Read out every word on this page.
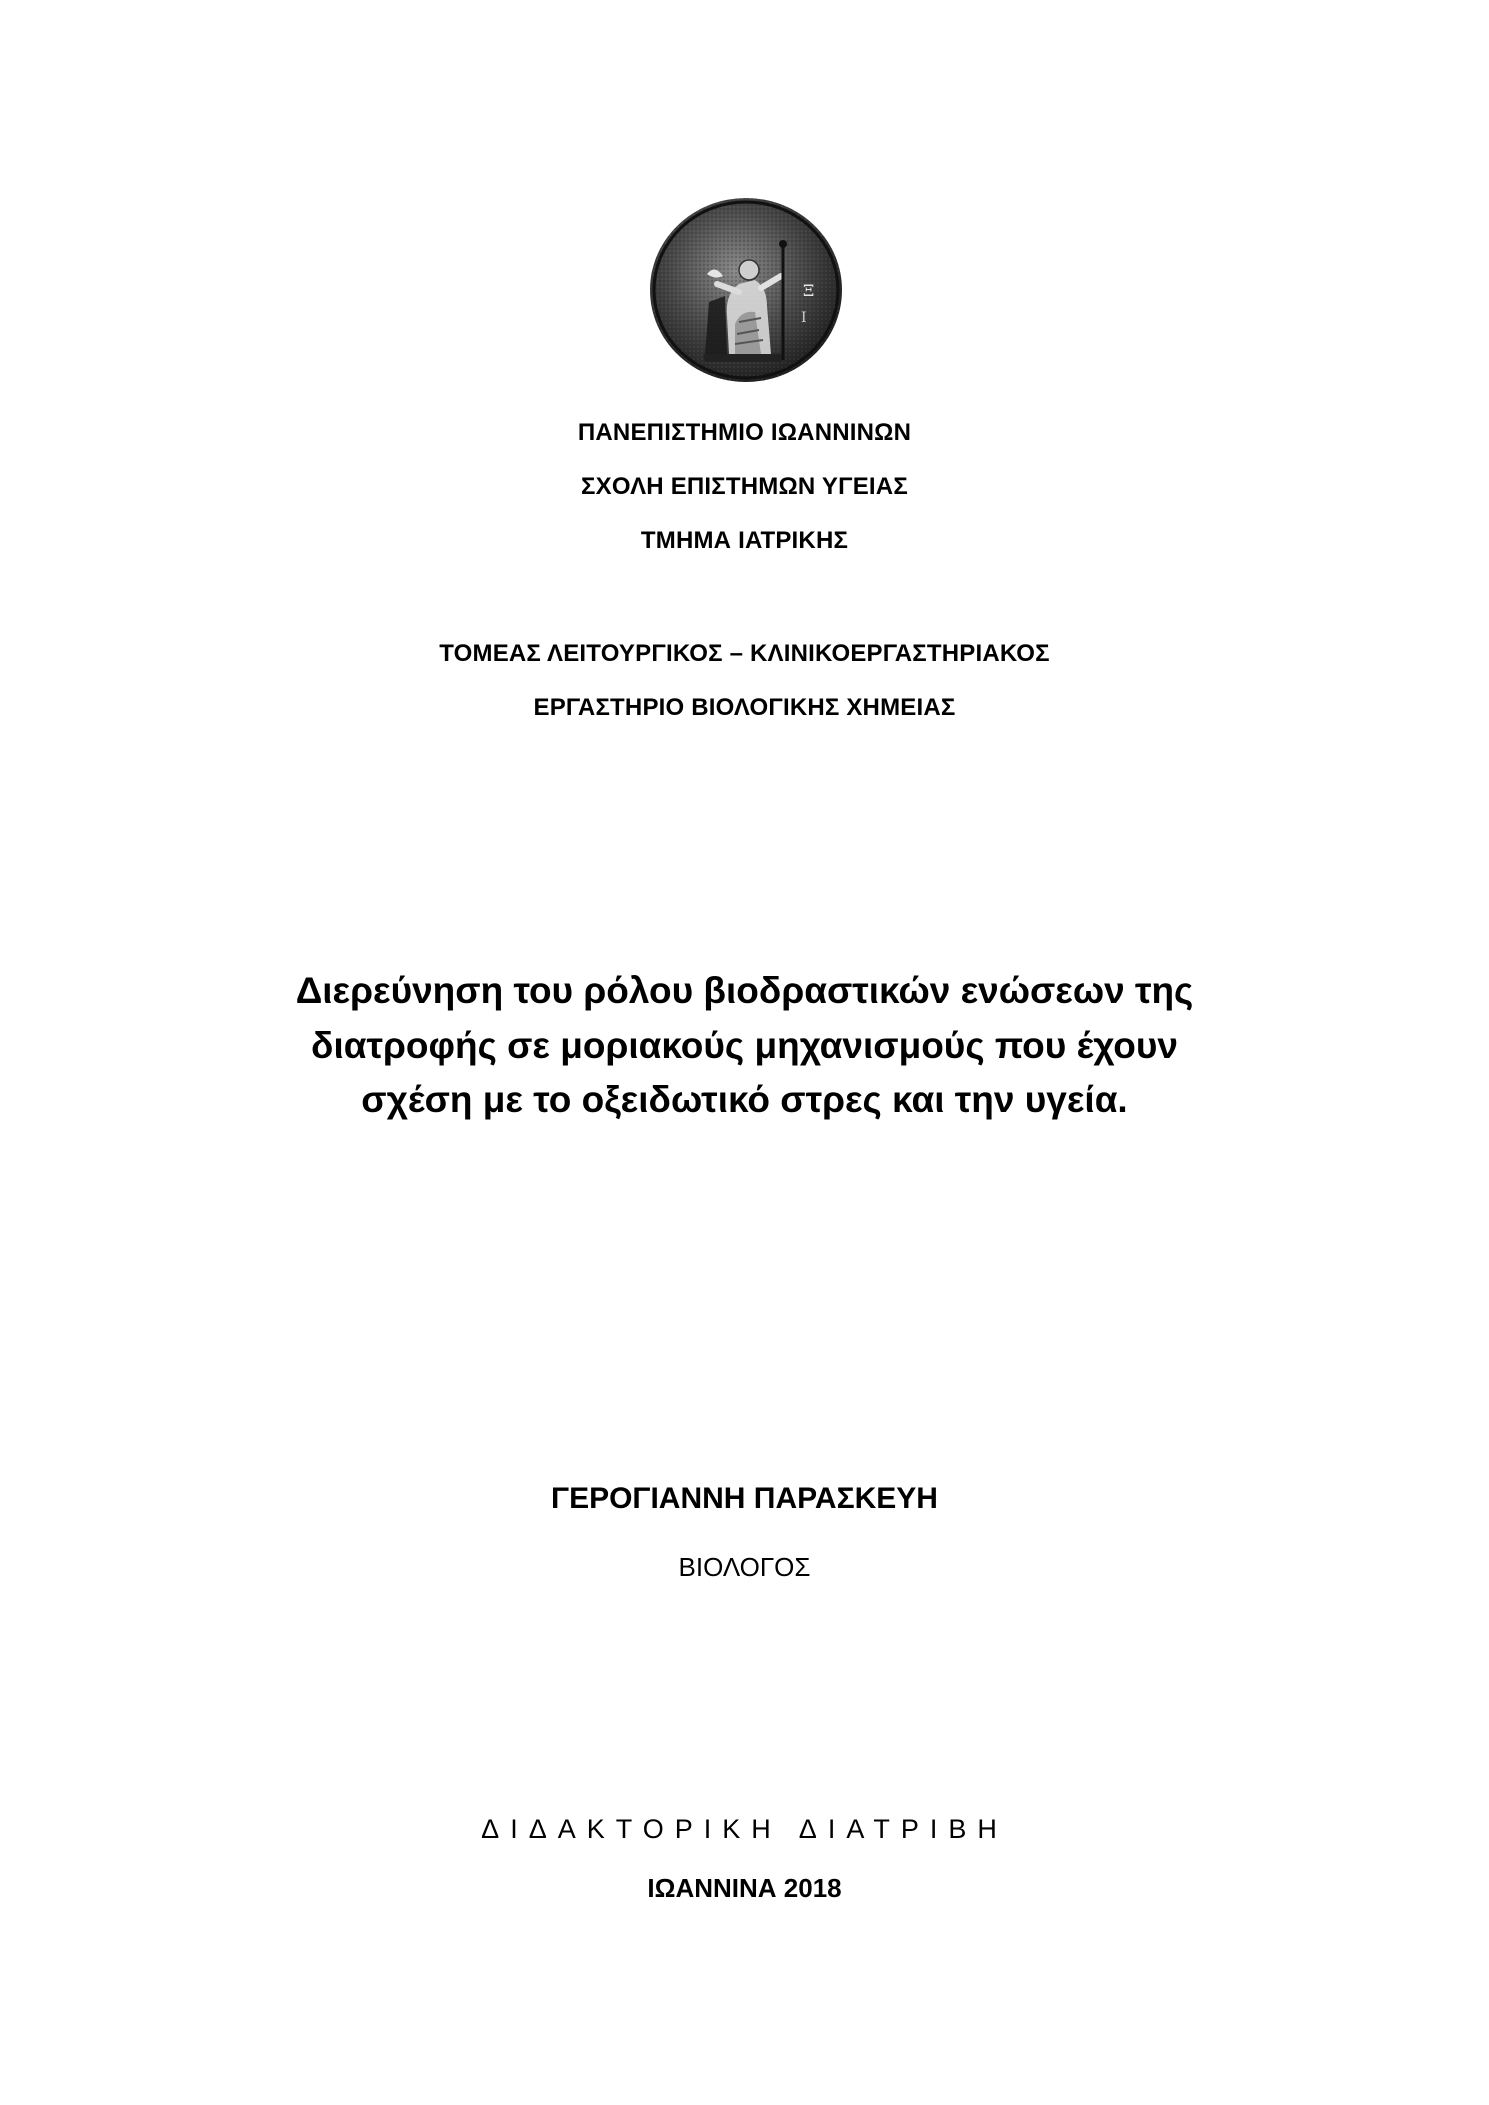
Ξ
Ι
ΠΑΝΕΠΙΣΤΗΜΙΟ ΙΩΑΝΝΙΝΩΝ
ΣΧΟΛΗ ΕΠΙΣΤΗΜΩΝ ΥΓΕΙΑΣ
ΤΜΗΜΑ ΙΑΤΡΙΚΗΣ
ΤΟΜΕΑΣ ΛΕΙΤΟΥΡΓΙΚΟΣ – ΚΛΙΝΙΚΟΕΡΓΑΣΤΗΡΙΑΚΟΣ
ΕΡΓΑΣΤΗΡΙΟ ΒΙΟΛΟΓΙΚΗΣ ΧΗΜΕΙΑΣ
Διερεύνηση του ρόλου βιοδραστικών ενώσεων της
διατροφής σε μοριακούς μηχανισμούς που έχουν
σχέση με το οξειδωτικό στρες και την υγεία.
ΓΕΡΟΓΙΑΝΝΗ ΠΑΡΑΣΚΕΥΗ
ΒΙΟΛΟΓΟΣ
ΔΙΔΑΚΤΟΡΙΚΗ ΔΙΑΤΡΙΒΗ
ΙΩΑΝΝΙΝΑ 2018
